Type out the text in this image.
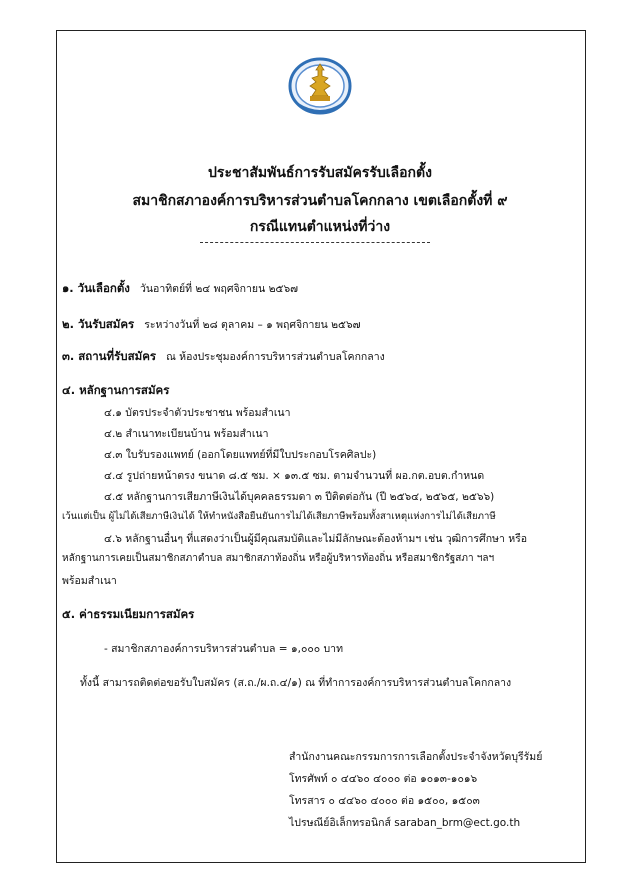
ประชาสัมพันธ์การรับสมัครรับเลือกตั้ง
สมาชิกสภาองค์การบริหารส่วนตำบลโคกกลาง เขตเลือกตั้งที่ ๙
กรณีแทนตำแหน่งที่ว่าง
๑. วันเลือกตั้ง วันอาทิตย์ที่ ๒๔ พฤศจิกายน ๒๕๖๗
๒. วันรับสมัคร ระหว่างวันที่ ๒๘ ตุลาคม – ๑ พฤศจิกายน ๒๕๖๗
๓. สถานที่รับสมัคร ณ ห้องประชุมองค์การบริหารส่วนตำบลโคกกลาง
๔. หลักฐานการสมัคร
๔.๑ บัตรประจำตัวประชาชน พร้อมสำเนา
๔.๒ สำเนาทะเบียนบ้าน พร้อมสำเนา
๔.๓ ใบรับรองแพทย์ (ออกโดยแพทย์ที่มีใบประกอบโรคศิลปะ)
๔.๔ รูปถ่ายหน้าตรง ขนาด ๘.๕ ซม. × ๑๓.๕ ซม. ตามจำนวนที่ ผอ.กต.อบต.กำหนด
๔.๕ หลักฐานการเสียภาษีเงินได้บุคคลธรรมดา ๓ ปีติดต่อกัน (ปี ๒๕๖๔, ๒๕๖๕, ๒๕๖๖)
เว้นแต่เป็น ผู้ไม่ได้เสียภาษีเงินได้ ให้ทำหนังสือยืนยันการไม่ได้เสียภาษีพร้อมทั้งสาเหตุแห่งการไม่ได้เสียภาษี
๔.๖ หลักฐานอื่นๆ ที่แสดงว่าเป็นผู้มีคุณสมบัติและไม่มีลักษณะต้องห้ามฯ เช่น วุฒิการศึกษา หรือ
หลักฐานการเคยเป็นสมาชิกสภาตำบล สมาชิกสภาท้องถิ่น หรือผู้บริหารท้องถิ่น หรือสมาชิกรัฐสภา ฯลฯ
พร้อมสำเนา
๕. ค่าธรรมเนียมการสมัคร
- สมาชิกสภาองค์การบริหารส่วนตำบล = ๑,๐๐๐ บาท
ทั้งนี้ สามารถติดต่อขอรับใบสมัคร (ส.ถ./ผ.ถ.๔/๑) ณ ที่ทำการองค์การบริหารส่วนตำบลโคกกลาง
สำนักงานคณะกรรมการการเลือกตั้งประจำจังหวัดบุรีรัมย์
โทรศัพท์ ๐ ๔๔๖๐ ๔๐๐๐ ต่อ ๑๐๑๓-๑๐๑๖
โทรสาร ๐ ๔๔๖๐ ๔๐๐๐ ต่อ ๑๕๐๐, ๑๕๐๓
ไปรษณีย์อิเล็กทรอนิกส์ saraban_brm@ect.go.th
